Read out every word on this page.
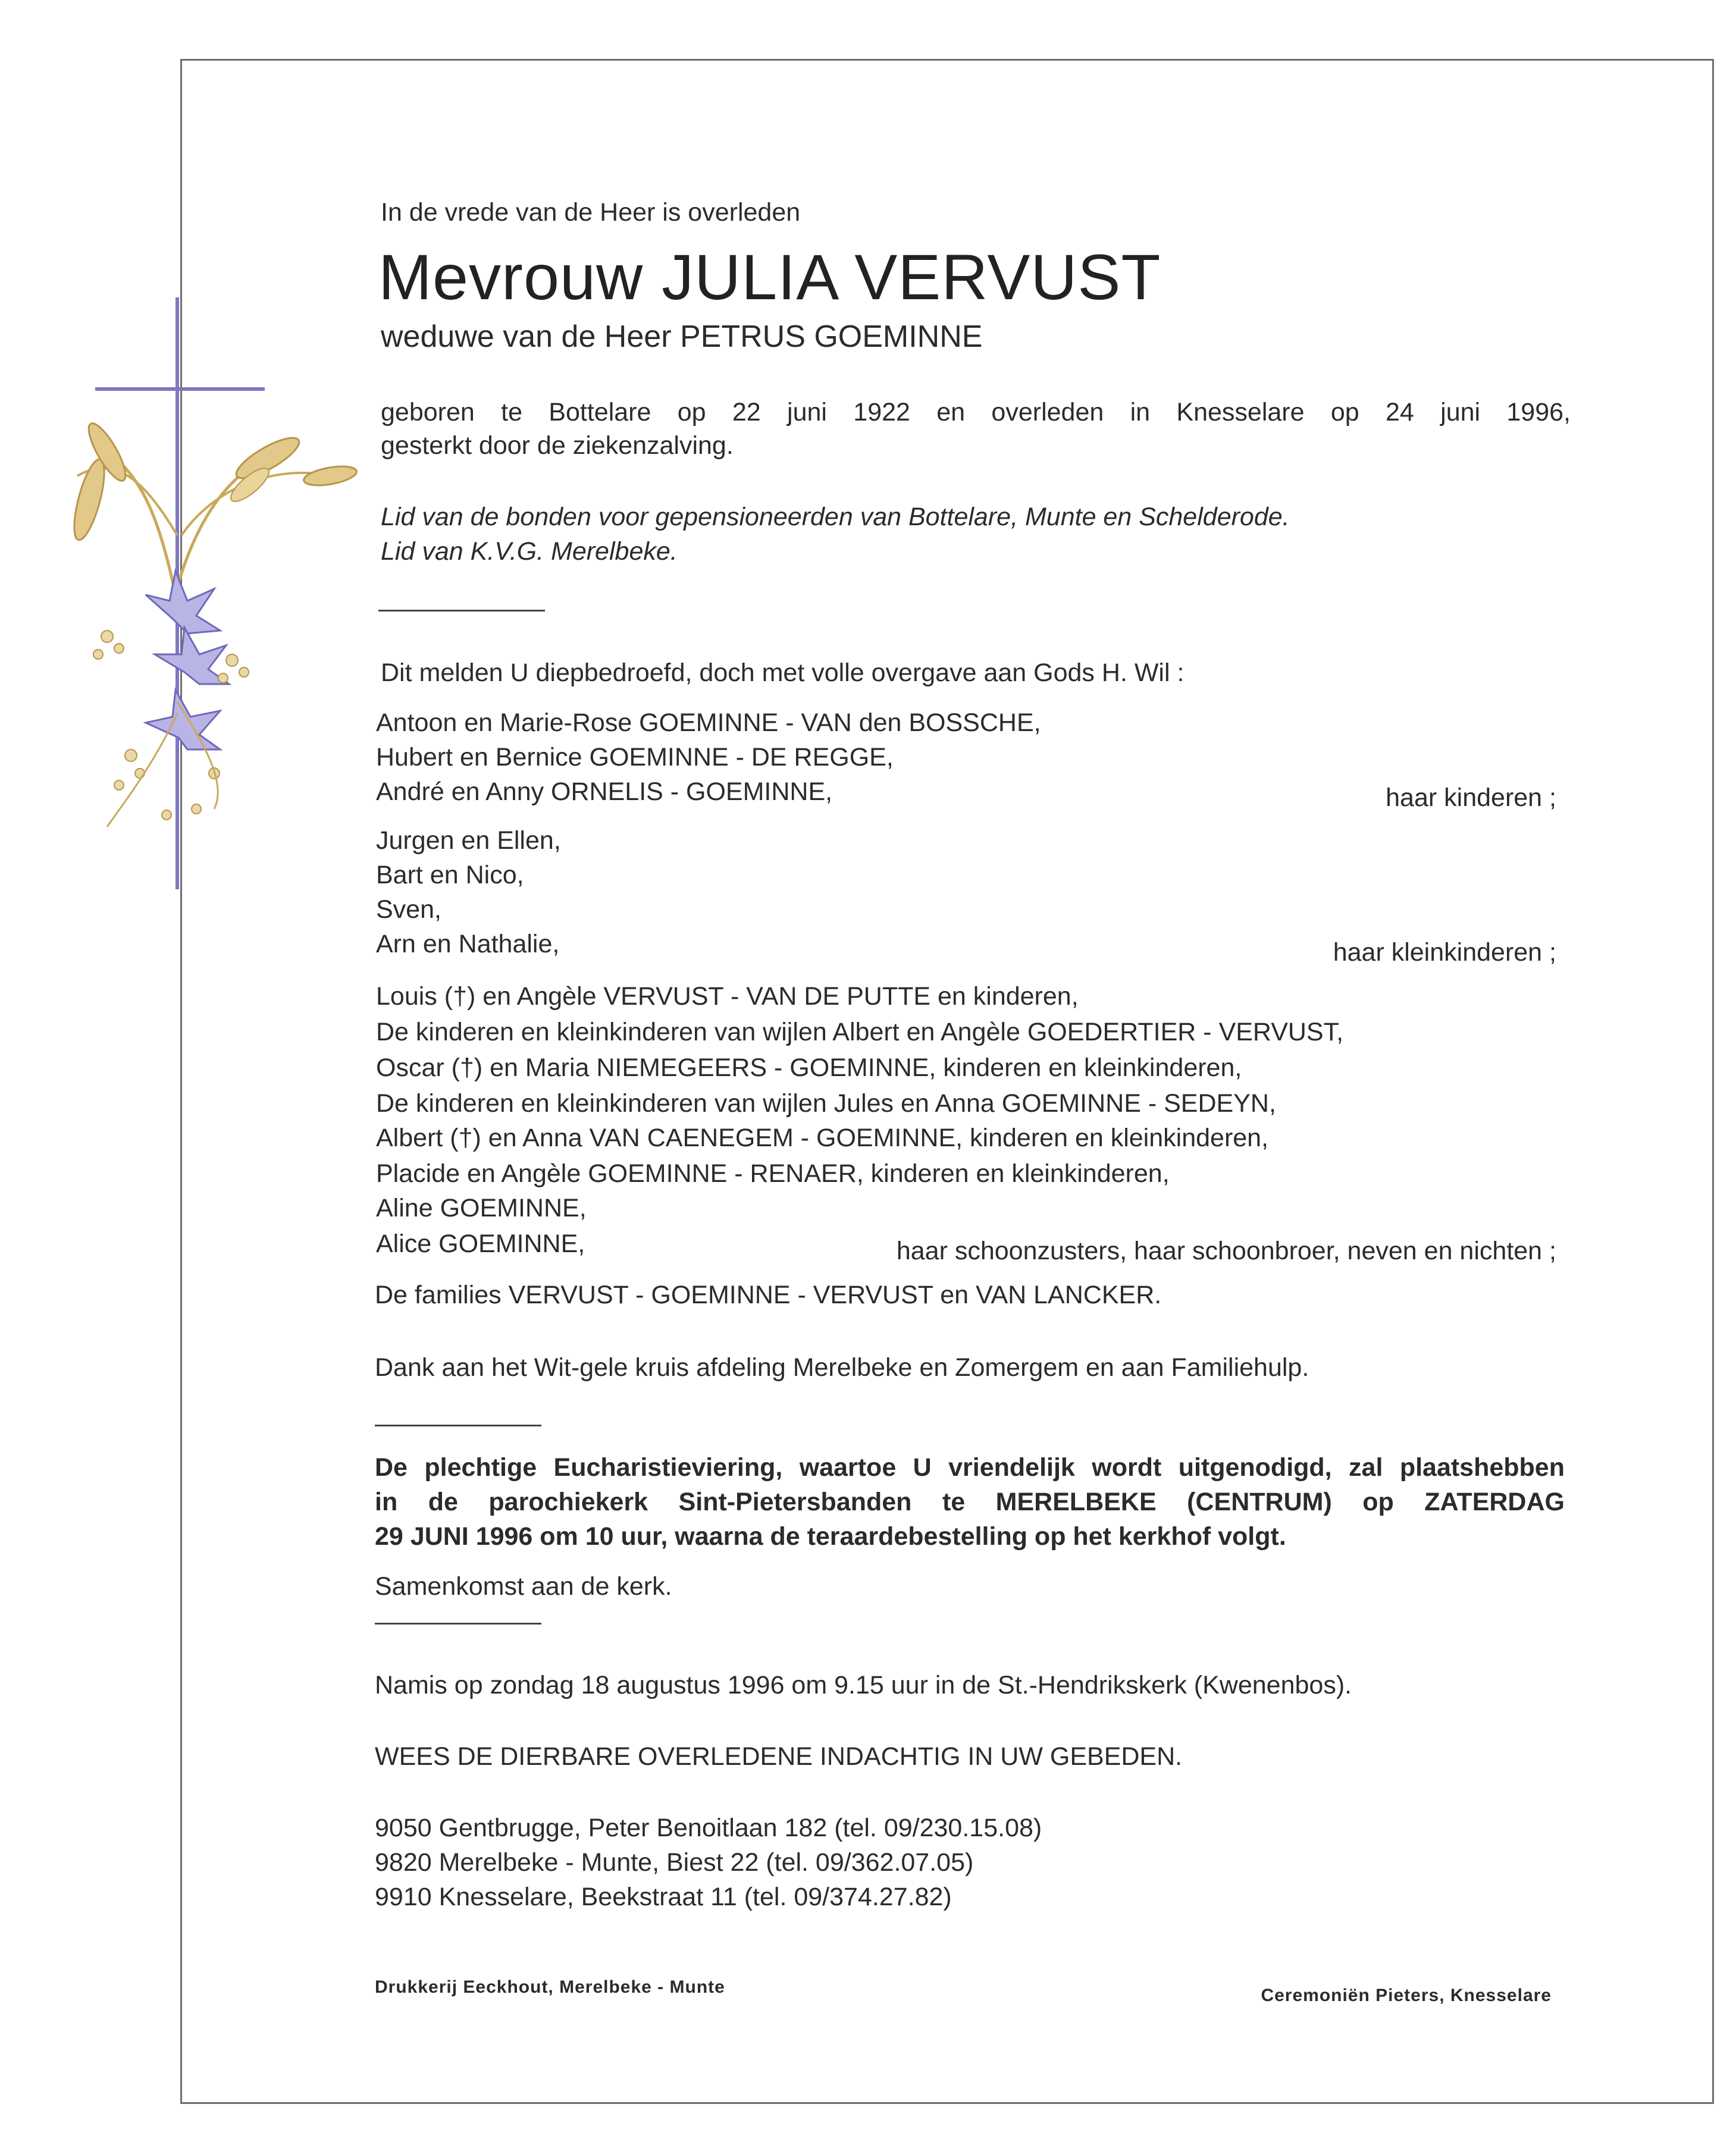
In de vrede van de Heer is overleden
Mevrouw JULIA VERVUST
weduwe van de Heer PETRUS GOEMINNE
geboren te Bottelare op 22 juni 1922 en overleden in Knesselare op 24 juni 1996,
gesterkt door de ziekenzalving.
Lid van de bonden voor gepensioneerden van Bottelare, Munte en Schelderode.
Lid van K.V.G. Merelbeke.
Dit melden U diepbedroefd, doch met volle overgave aan Gods H. Wil :
Antoon en Marie-Rose GOEMINNE - VAN den BOSSCHE,
Hubert en Bernice GOEMINNE - DE REGGE,
André en Anny ORNELIS - GOEMINNE,	haar kinderen ;
Jurgen en Ellen,
Bart en Nico,
Sven,
Arn en Nathalie,	haar kleinkinderen ;
Louis (†) en Angèle VERVUST - VAN DE PUTTE en kinderen,
De kinderen en kleinkinderen van wijlen Albert en Angèle GOEDERTIER - VERVUST,
Oscar (†) en Maria NIEMEGEERS - GOEMINNE, kinderen en kleinkinderen,
De kinderen en kleinkinderen van wijlen Jules en Anna GOEMINNE - SEDEYN,
Albert (†) en Anna VAN CAENEGEM - GOEMINNE, kinderen en kleinkinderen,
Placide en Angèle GOEMINNE - RENAER, kinderen en kleinkinderen,
Aline GOEMINNE,
Alice GOEMINNE,	haar schoonzusters, haar schoonbroer, neven en nichten ;
De families VERVUST - GOEMINNE - VERVUST en VAN LANCKER.
Dank aan het Wit-gele kruis afdeling Merelbeke en Zomergem en aan Familiehulp.
De plechtige Eucharistieviering, waartoe U vriendelijk wordt uitgenodigd, zal plaatshebben
in de parochiekerk Sint-Pietersbanden te MERELBEKE (CENTRUM) op ZATERDAG
29 JUNI 1996 om 10 uur, waarna de teraardebestelling op het kerkhof volgt.
Samenkomst aan de kerk.
Namis op zondag 18 augustus 1996 om 9.15 uur in de St.-Hendrikskerk (Kwenenbos).
WEES DE DIERBARE OVERLEDENE INDACHTIG IN UW GEBEDEN.
9050 Gentbrugge, Peter Benoitlaan 182 (tel. 09/230.15.08)
9820 Merelbeke - Munte, Biest 22 (tel. 09/362.07.05)
9910 Knesselare, Beekstraat 11 (tel. 09/374.27.82)
Drukkerij Eeckhout, Merelbeke - Munte	Ceremoniën Pieters, Knesselare
